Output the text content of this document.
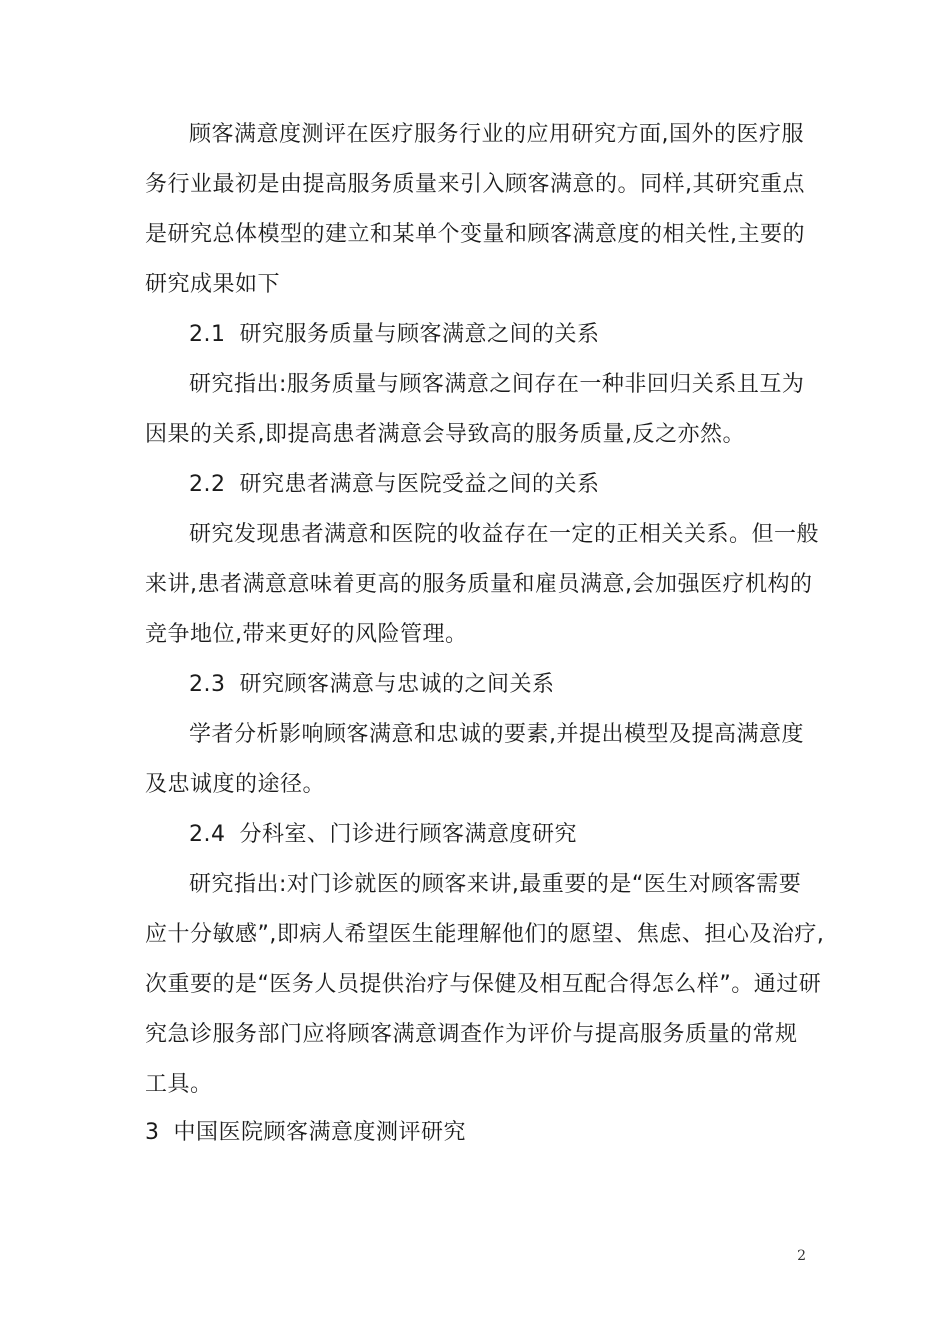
顾客满意度测评在医疗服务行业的应用研究方面,国外的医疗服
务行业最初是由提高服务质量来引入顾客满意的。同样,其研究重点
是研究总体模型的建立和某单个变量和顾客满意度的相关性,主要的
研究成果如下
2.1 研究服务质量与顾客满意之间的关系
研究指出:服务质量与顾客满意之间存在一种非回归关系且互为
因果的关系,即提高患者满意会导致高的服务质量,反之亦然。
2.2 研究患者满意与医院受益之间的关系
研究发现患者满意和医院的收益存在一定的正相关关系。但一般
来讲,患者满意意味着更高的服务质量和雇员满意,会加强医疗机构的
竞争地位,带来更好的风险管理。
2.3 研究顾客满意与忠诚的之间关系
学者分析影响顾客满意和忠诚的要素,并提出模型及提高满意度
及忠诚度的途径。
2.4 分科室、门诊进行顾客满意度研究
研究指出:对门诊就医的顾客来讲,最重要的是“医生对顾客需要
应十分敏感”,即病人希望医生能理解他们的愿望、焦虑、担心及治疗,
次重要的是“医务人员提供治疗与保健及相互配合得怎么样”。通过研
究急诊服务部门应将顾客满意调查作为评价与提高服务质量的常规
工具。
3 中国医院顾客满意度测评研究
2
